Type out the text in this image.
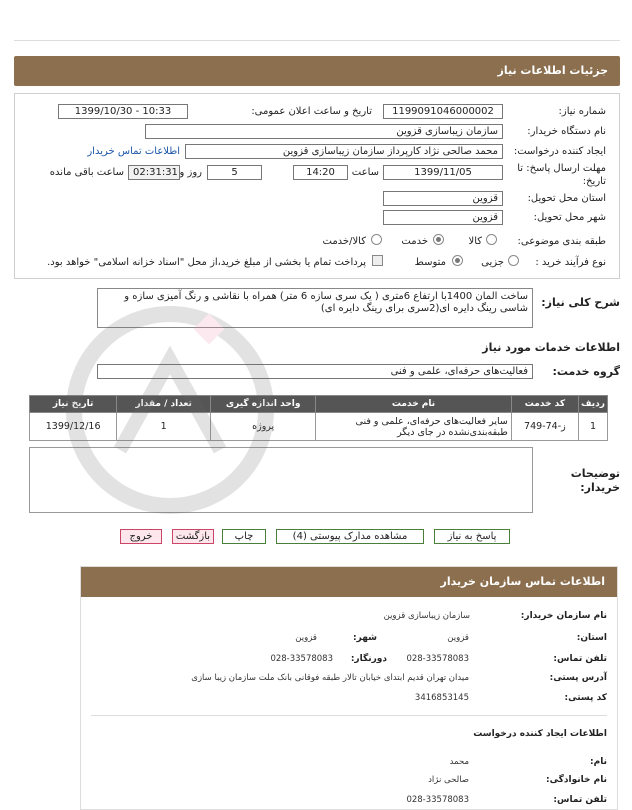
جزئیات اطلاعات نیاز
شماره نیاز:
1199091046000002
تاریخ و ساعت اعلان عمومی:
1399/10/30 - 10:33
نام دستگاه خریدار:
سازمان زیباسازی قزوین
ایجاد کننده درخواست:
محمد صالحی نژاد کارپرداز سازمان زیباسازی قزوین
اطلاعات تماس خریدار
مهلت ارسال پاسخ: تا
تاریخ:
1399/11/05
ساعت
14:20
5
روز و
02:31:31
ساعت باقی مانده
استان محل تحویل:
قزوین
شهر محل تحویل:
قزوین
طبقه بندی موضوعی:
کالا
خدمت
کالا/خدمت
نوع فرآیند خرید :
جزیی
متوسط
پرداخت تمام یا بخشی از مبلغ خرید،از محل "اسناد خزانه اسلامی" خواهد بود.
شرح کلی نیاز:
ساخت المان 1400با ارتفاع 6متری ( یک سری سازه 6 متر) همراه با نقاشی و رنگ آمیزی سازه و شاسی رینگ دایره ای(2سری برای رینگ دایره ای)
اطلاعات خدمات مورد نیاز
گروه خدمت:
فعالیت‌های حرفه‌ای، علمی و فنی
ردیف	کد خدمت	نام خدمت	واحد اندازه گیری	تعداد / مقدار	تاریخ نیاز
1	ز-74-749	سایر فعالیت‌های حرفه‌ای، علمی و فنی طبقه‌بندی‌نشده در جای دیگر	پروژه	1	1399/12/16
توضیحات
خریدار:
پاسخ به نیاز
مشاهده مدارک پیوستی (4)
چاپ
بازگشت
خروج
اطلاعات تماس سازمان خریدار
نام سازمان خریدار:
سازمان زیباسازی قزوین
استان:
قزوین
شهر:
قزوین
تلفن تماس:
028-33578083
دورنگار:
028-33578083
آدرس پستی:
میدان تهران قدیم ابتدای خیابان تالار طبقه فوقانی بانک ملت سازمان زیبا سازی
کد پستی:
3416853145
اطلاعات ایجاد کننده درخواست
نام:
محمد
نام خانوادگی:
صالحی نژاد
تلفن تماس:
028-33578083
